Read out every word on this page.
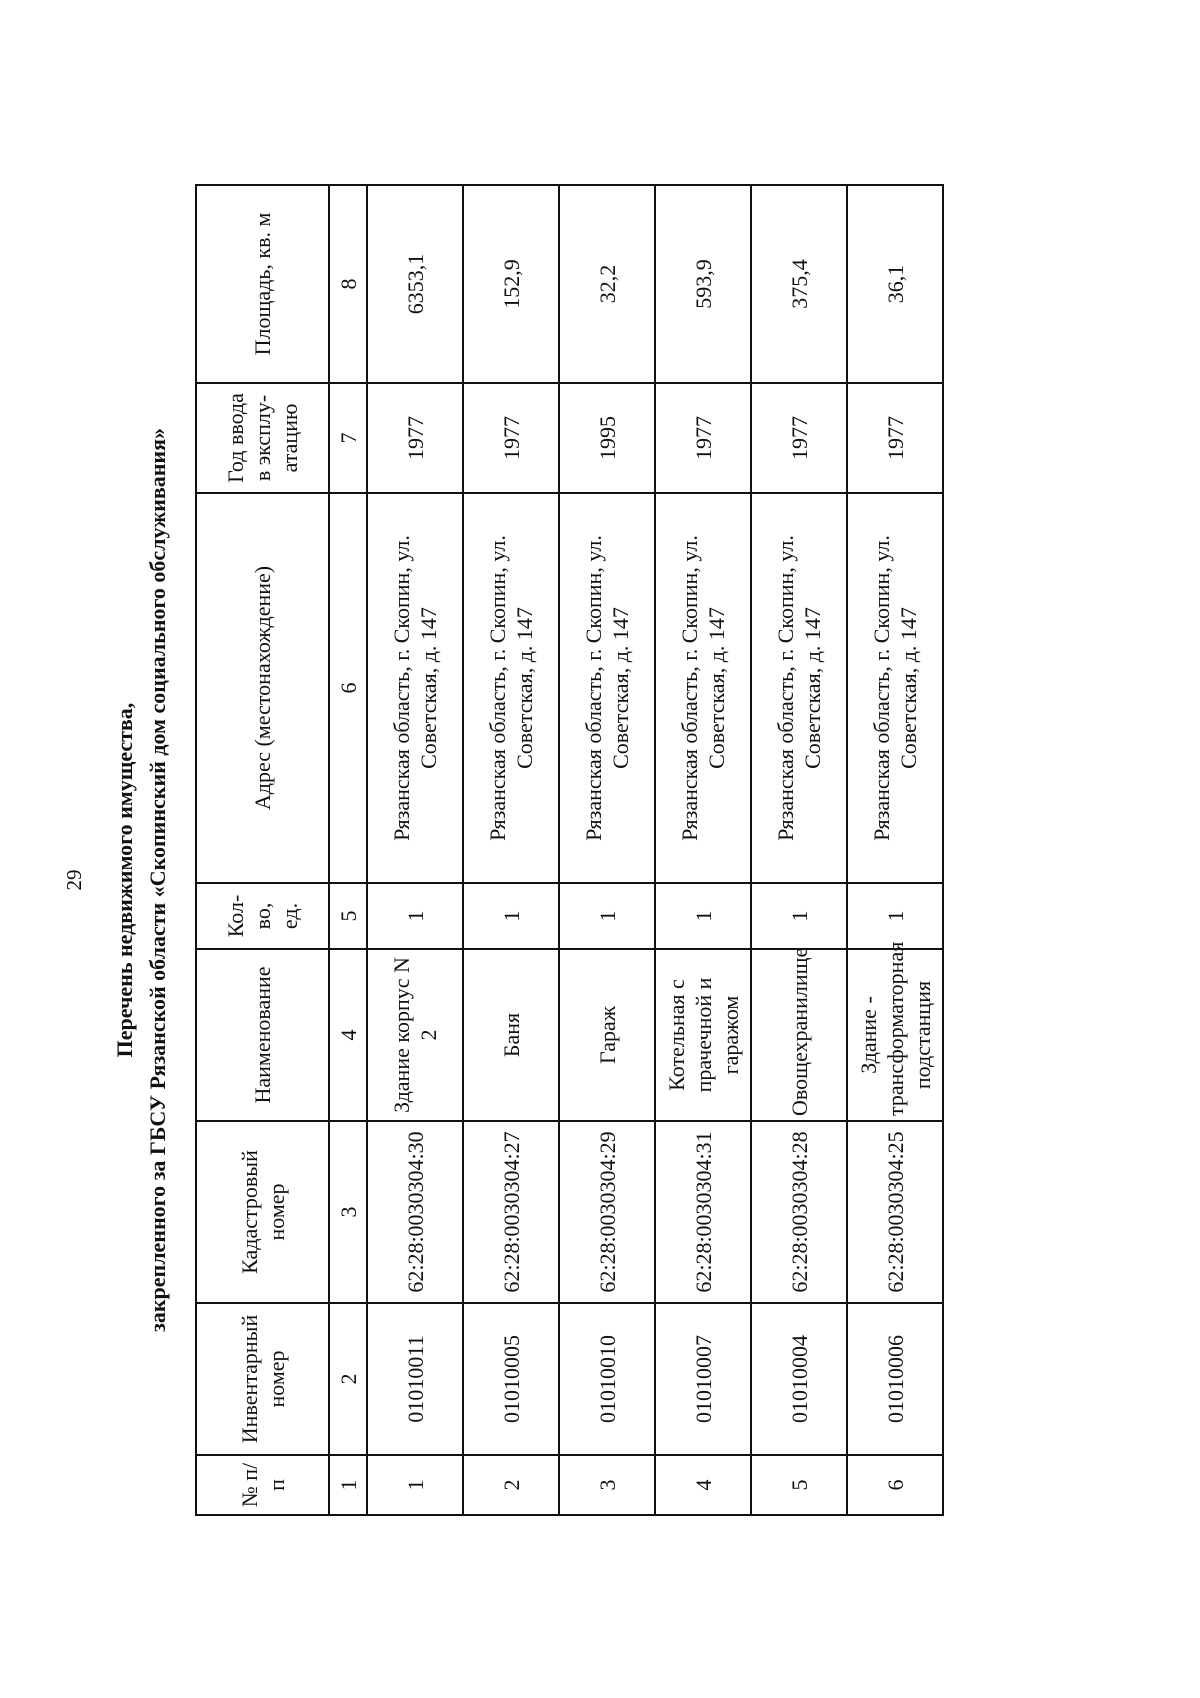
29 Перечень недвижимого имущества, закрепленного за ГБСУ Рязанской области «Скопинский дом социального обслуживания»
№ п/п	Инвентарный номер	Кадастровый номер	Наименование	Кол-во, ед.	Адрес (местонахождение)	Год ввода в эксплу-атацию	Площадь, кв. м
1	2	3	4	5	6	7	8
1	01010011	62:28:0030304:30	Здание корпус N 2	1	Рязанская область, г. Скопин, ул. Советская, д. 147	1977	6353,1
2	01010005	62:28:0030304:27	Баня	1	Рязанская область, г. Скопин, ул. Советская, д. 147	1977	152,9
3	01010010	62:28:0030304:29	Гараж	1	Рязанская область, г. Скопин, ул. Советская, д. 147	1995	32,2
4	01010007	62:28:0030304:31	Котельная с прачечной и гаражом	1	Рязанская область, г. Скопин, ул. Советская, д. 147	1977	593,9
5	01010004	62:28:0030304:28	Овощехранилище	1	Рязанская область, г. Скопин, ул. Советская, д. 147	1977	375,4
6	01010006	62:28:0030304:25	Здание - трансформаторная подстанция	1	Рязанская область, г. Скопин, ул. Советская, д. 147	1977	36,1
